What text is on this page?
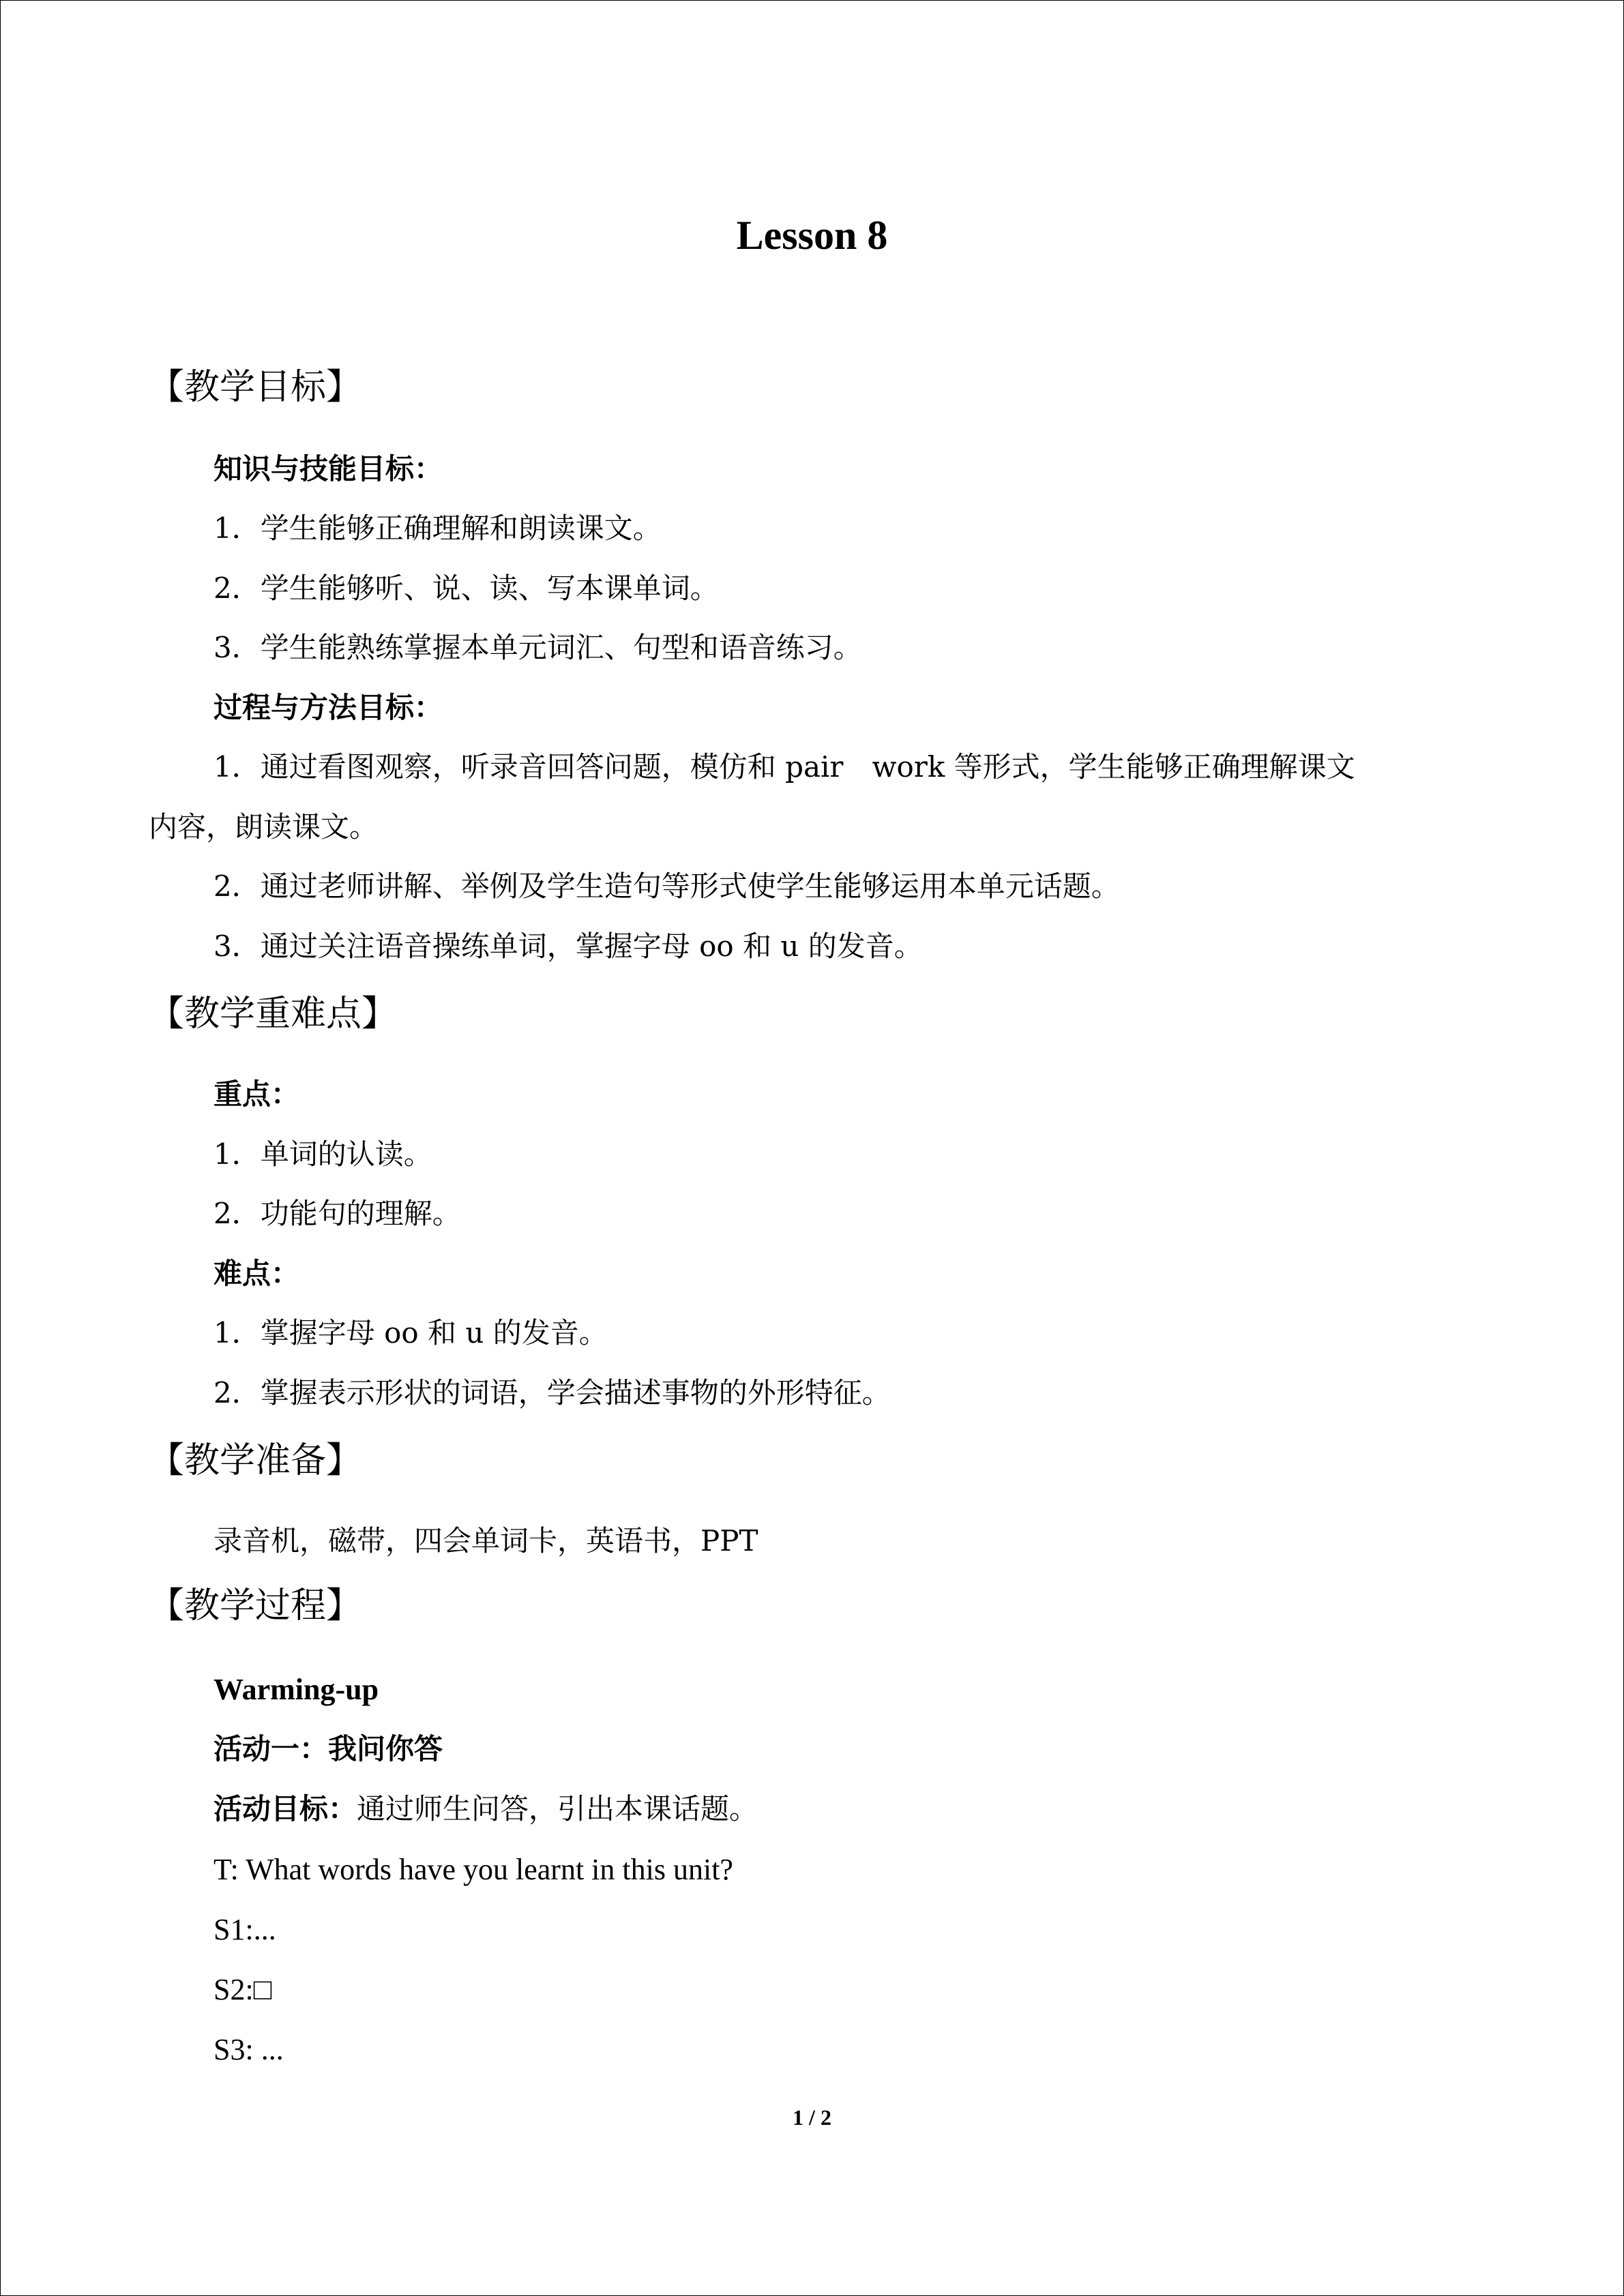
Lesson 8
【教学目标】
知识与技能目标：
1．学生能够正确理解和朗读课文。
2．学生能够听、说、读、写本课单词。
3．学生能熟练掌握本单元词汇、句型和语音练习。
过程与方法目标：
1．通过看图观察，听录音回答问题，模仿和 pair　work 等形式，学生能够正确理解课文
内容，朗读课文。
2．通过老师讲解、举例及学生造句等形式使学生能够运用本单元话题。
3．通过关注语音操练单词，掌握字母 oo 和 u 的发音。
【教学重难点】
重点：
1．单词的认读。
2．功能句的理解。
难点：
1．掌握字母 oo 和 u 的发音。
2．掌握表示形状的词语，学会描述事物的外形特征。
【教学准备】
录音机，磁带，四会单词卡，英语书，PPT
【教学过程】
Warming-up
活动一：我问你答
活动目标：通过师生问答，引出本课话题。
T: What words have you learnt in this unit?
S1:...
S2:□
S3: ...
1 / 2
